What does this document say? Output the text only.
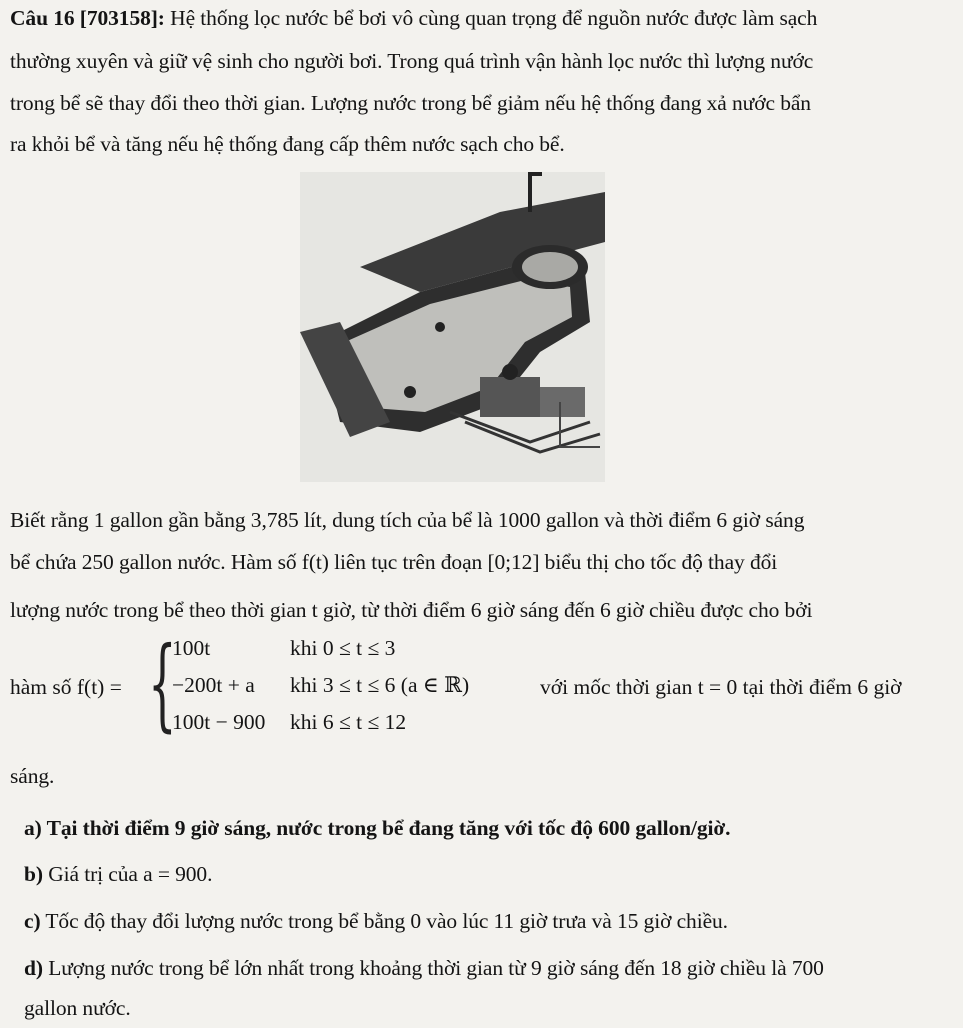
Câu 16 [703158]: Hệ thống lọc nước bể bơi vô cùng quan trọng để nguồn nước được làm sạch
thường xuyên và giữ vệ sinh cho người bơi. Trong quá trình vận hành lọc nước thì lượng nước
trong bể sẽ thay đổi theo thời gian. Lượng nước trong bể giảm nếu hệ thống đang xả nước bẩn
ra khỏi bể và tăng nếu hệ thống đang cấp thêm nước sạch cho bể.
Biết rằng 1 gallon gần bằng 3,785 lít, dung tích của bể là 1000 gallon và thời điểm 6 giờ sáng
bể chứa 250 gallon nước. Hàm số f(t) liên tục trên đoạn [0;12] biểu thị cho tốc độ thay đổi
lượng nước trong bể theo thời gian t giờ, từ thời điểm 6 giờ sáng đến 6 giờ chiều được cho bởi
hàm số f(t) = {
100t	khi 0 ≤ t ≤ 3
−200t + a khi 3 ≤ t ≤ 6 (a ∈ ℝ)
100t − 900 khi 6 ≤ t ≤ 12
với mốc thời gian t = 0 tại thời điểm 6 giờ
sáng.
a) Tại thời điểm 9 giờ sáng, nước trong bể đang tăng với tốc độ 600 gallon/giờ.
b) Giá trị của a = 900.
c) Tốc độ thay đổi lượng nước trong bể bằng 0 vào lúc 11 giờ trưa và 15 giờ chiều.
d) Lượng nước trong bể lớn nhất trong khoảng thời gian từ 9 giờ sáng đến 18 giờ chiều là 700
gallon nước.
